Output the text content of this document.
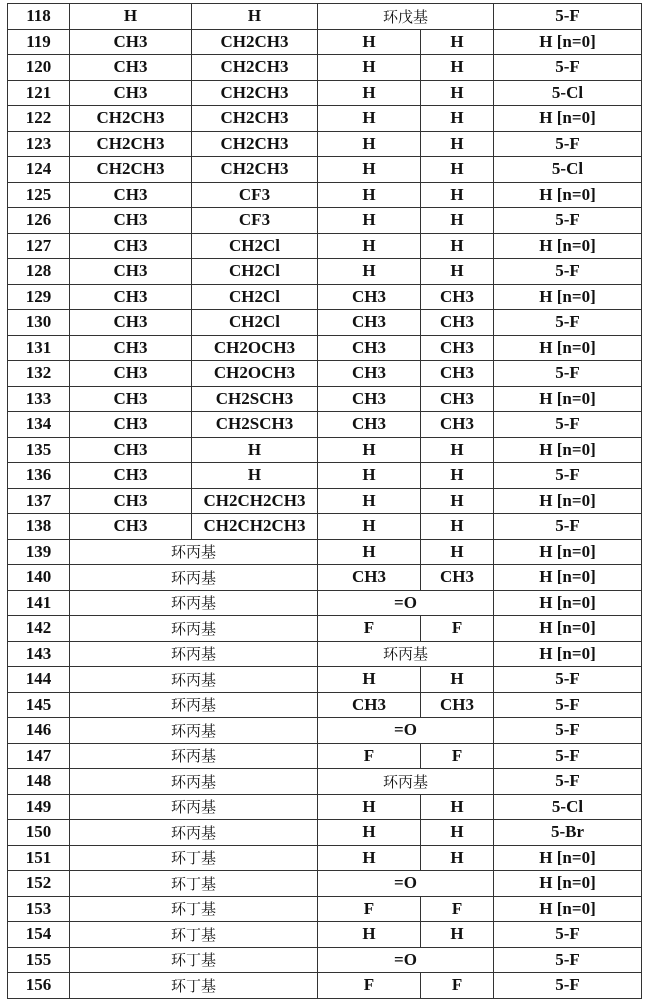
118	H	H	环戊基	5-F
119	CH3	CH2CH3	H	H	H [n=0]
120	CH3	CH2CH3	H	H	5-F
121	CH3	CH2CH3	H	H	5-Cl
122	CH2CH3	CH2CH3	H	H	H [n=0]
123	CH2CH3	CH2CH3	H	H	5-F
124	CH2CH3	CH2CH3	H	H	5-Cl
125	CH3	CF3	H	H	H [n=0]
126	CH3	CF3	H	H	5-F
127	CH3	CH2Cl	H	H	H [n=0]
128	CH3	CH2Cl	H	H	5-F
129	CH3	CH2Cl	CH3	CH3	H [n=0]
130	CH3	CH2Cl	CH3	CH3	5-F
131	CH3	CH2OCH3	CH3	CH3	H [n=0]
132	CH3	CH2OCH3	CH3	CH3	5-F
133	CH3	CH2SCH3	CH3	CH3	H [n=0]
134	CH3	CH2SCH3	CH3	CH3	5-F
135	CH3	H	H	H	H [n=0]
136	CH3	H	H	H	5-F
137	CH3	CH2CH2CH3	H	H	H [n=0]
138	CH3	CH2CH2CH3	H	H	5-F
139	环丙基	H	H	H [n=0]
140	环丙基	CH3	CH3	H [n=0]
141	环丙基	=O	H [n=0]
142	环丙基	F	F	H [n=0]
143	环丙基	环丙基	H [n=0]
144	环丙基	H	H	5-F
145	环丙基	CH3	CH3	5-F
146	环丙基	=O	5-F
147	环丙基	F	F	5-F
148	环丙基	环丙基	5-F
149	环丙基	H	H	5-Cl
150	环丙基	H	H	5-Br
151	环丁基	H	H	H [n=0]
152	环丁基	=O	H [n=0]
153	环丁基	F	F	H [n=0]
154	环丁基	H	H	5-F
155	环丁基	=O	5-F
156	环丁基	F	F	5-F
